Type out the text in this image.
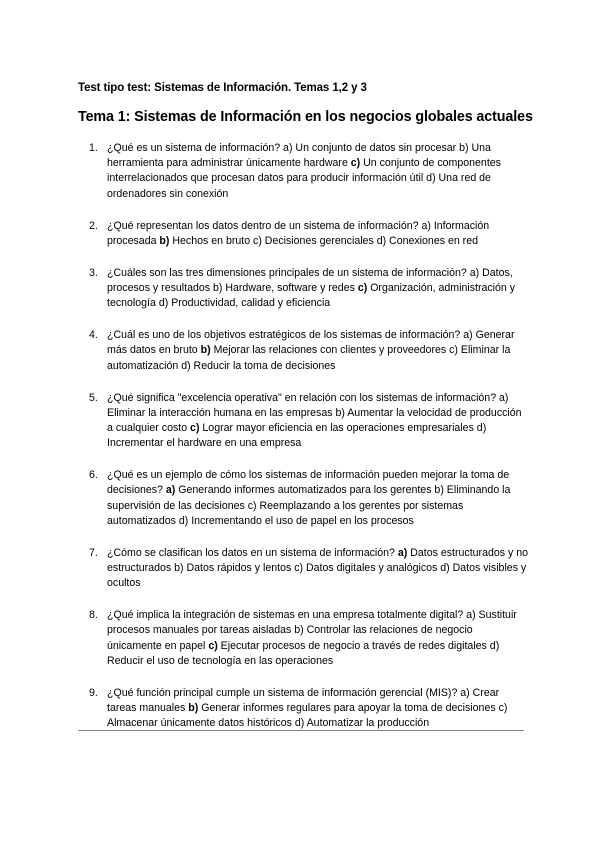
Test tipo test: Sistemas de Información. Temas 1,2 y 3
Tema 1: Sistemas de Información en los negocios globales actuales
1. ¿Qué es un sistema de información? a) Un conjunto de datos sin procesar b) Una herramienta para administrar únicamente hardware c) Un conjunto de componentes interrelacionados que procesan datos para producir información útil d) Una red de ordenadores sin conexión
2. ¿Qué representan los datos dentro de un sistema de información? a) Información procesada b) Hechos en bruto c) Decisiones gerenciales d) Conexiones en red
3. ¿Cuáles son las tres dimensiones principales de un sistema de información? a) Datos, procesos y resultados b) Hardware, software y redes c) Organización, administración y tecnología d) Productividad, calidad y eficiencia
4. ¿Cuál es uno de los objetivos estratégicos de los sistemas de información? a) Generar más datos en bruto b) Mejorar las relaciones con clientes y proveedores c) Eliminar la automatización d) Reducir la toma de decisiones
5. ¿Qué significa "excelencia operativa" en relación con los sistemas de información? a) Eliminar la interacción humana en las empresas b) Aumentar la velocidad de producción a cualquier costo c) Lograr mayor eficiencia en las operaciones empresariales d) Incrementar el hardware en una empresa
6. ¿Qué es un ejemplo de cómo los sistemas de información pueden mejorar la toma de decisiones? a) Generando informes automatizados para los gerentes b) Eliminando la supervisión de las decisiones c) Reemplazando a los gerentes por sistemas automatizados d) Incrementando el uso de papel en los procesos
7. ¿Cómo se clasifican los datos en un sistema de información? a) Datos estructurados y no estructurados b) Datos rápidos y lentos c) Datos digitales y analógicos d) Datos visibles y ocultos
8. ¿Qué implica la integración de sistemas en una empresa totalmente digital? a) Sustituir procesos manuales por tareas aisladas b) Controlar las relaciones de negocio únicamente en papel c) Ejecutar procesos de negocio a través de redes digitales d) Reducir el uso de tecnología en las operaciones
9. ¿Qué función principal cumple un sistema de información gerencial (MIS)? a) Crear tareas manuales b) Generar informes regulares para apoyar la toma de decisiones c) Almacenar únicamente datos históricos d) Automatizar la producción
